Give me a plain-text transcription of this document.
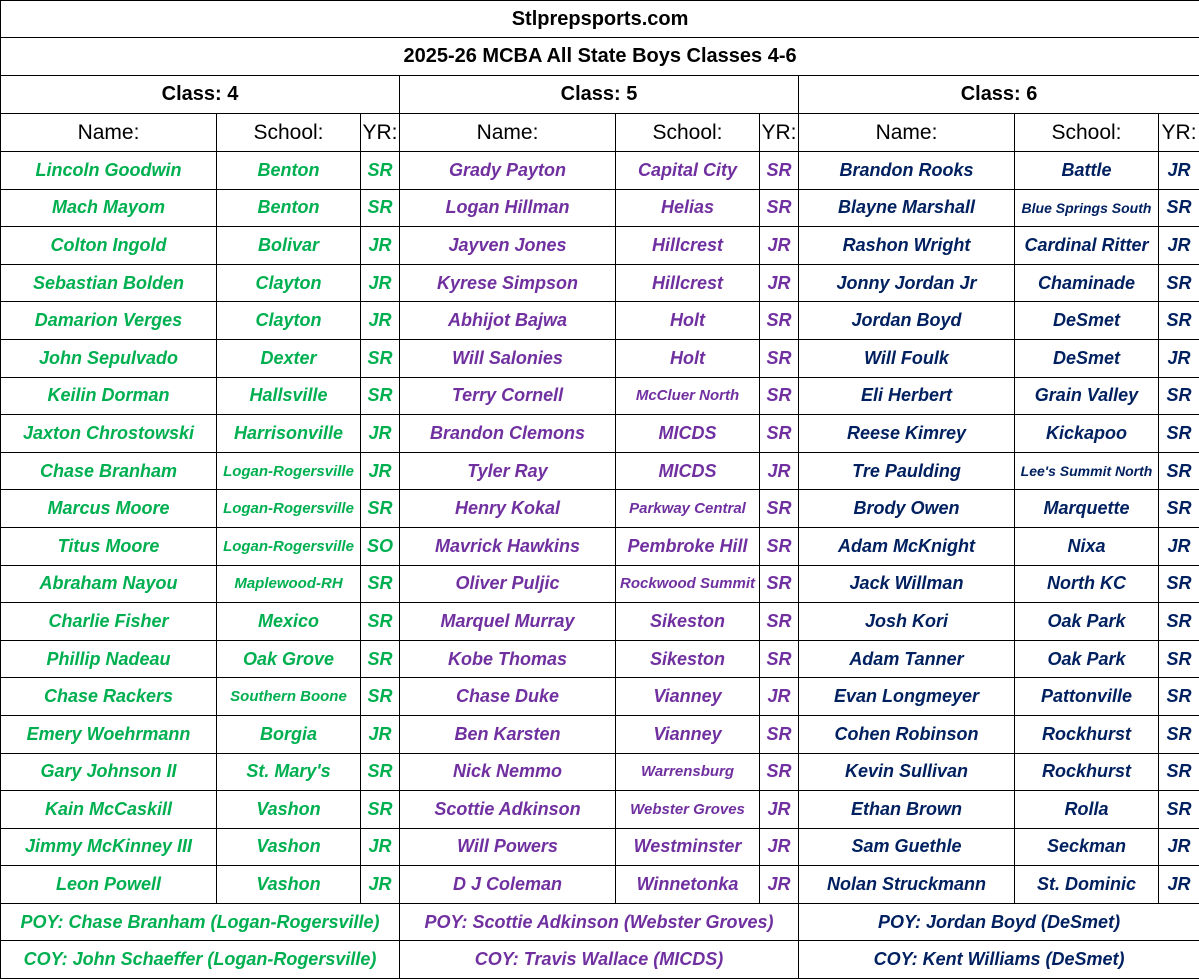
Stlprepsports.com								
2025-26 MCBA All State Boys Classes 4-6								
Class: 4			Class: 5			Class: 6		
Name:	School:	YR:	Name:	School:	YR:	Name:	School:	YR:
Lincoln Goodwin	Benton	SR	Grady Payton	Capital City	SR	Brandon Rooks	Battle	JR
Mach Mayom	Benton	SR	Logan Hillman	Helias	SR	Blayne Marshall	Blue Springs South	SR
Colton Ingold	Bolivar	JR	Jayven Jones	Hillcrest	JR	Rashon Wright	Cardinal Ritter	JR
Sebastian Bolden	Clayton	JR	Kyrese Simpson	Hillcrest	JR	Jonny Jordan Jr	Chaminade	SR
Damarion Verges	Clayton	JR	Abhijot Bajwa	Holt	SR	Jordan Boyd	DeSmet	SR
John Sepulvado	Dexter	SR	Will Salonies	Holt	SR	Will Foulk	DeSmet	JR
Keilin Dorman	Hallsville	SR	Terry Cornell	McCluer North	SR	Eli Herbert	Grain Valley	SR
Jaxton Chrostowski	Harrisonville	JR	Brandon Clemons	MICDS	SR	Reese Kimrey	Kickapoo	SR
Chase Branham	Logan-Rogersville	JR	Tyler Ray	MICDS	JR	Tre Paulding	Lee's Summit North	SR
Marcus Moore	Logan-Rogersville	SR	Henry Kokal	Parkway Central	SR	Brody Owen	Marquette	SR
Titus Moore	Logan-Rogersville	SO	Mavrick Hawkins	Pembroke Hill	SR	Adam McKnight	Nixa	JR
Abraham Nayou	Maplewood-RH	SR	Oliver Puljic	Rockwood Summit	SR	Jack Willman	North KC	SR
Charlie Fisher	Mexico	SR	Marquel Murray	Sikeston	SR	Josh Kori	Oak Park	SR
Phillip Nadeau	Oak Grove	SR	Kobe Thomas	Sikeston	SR	Adam Tanner	Oak Park	SR
Chase Rackers	Southern Boone	SR	Chase Duke	Vianney	JR	Evan Longmeyer	Pattonville	SR
Emery Woehrmann	Borgia	JR	Ben Karsten	Vianney	SR	Cohen Robinson	Rockhurst	SR
Gary Johnson II	St. Mary's	SR	Nick Nemmo	Warrensburg	SR	Kevin Sullivan	Rockhurst	SR
Kain McCaskill	Vashon	SR	Scottie Adkinson	Webster Groves	JR	Ethan Brown	Rolla	SR
Jimmy McKinney III	Vashon	JR	Will Powers	Westminster	JR	Sam Guethle	Seckman	JR
Leon Powell	Vashon	JR	D J Coleman	Winnetonka	JR	Nolan Struckmann	St. Dominic	JR
POY: Chase Branham (Logan-Rogersville)			POY: Scottie Adkinson (Webster Groves)			POY: Jordan Boyd (DeSmet)		
COY: John Schaeffer (Logan-Rogersville)			COY: Travis Wallace (MICDS)			COY: Kent Williams (DeSmet)		
